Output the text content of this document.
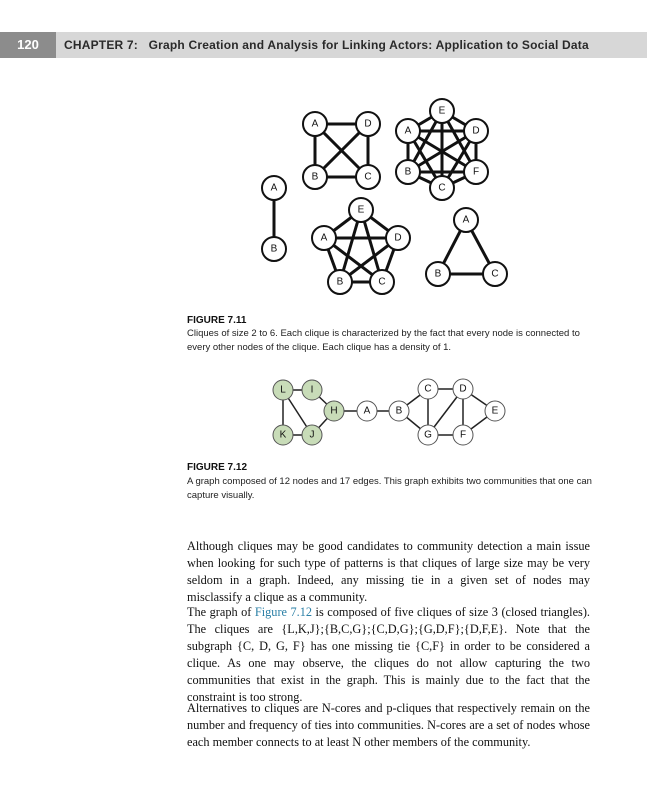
120	CHAPTER 7: Graph Creation and Analysis for Linking Actors: Application to Social Data
A
B
A	D
B	C
E
A	D
B	F
C
E
A	D
B	C
A
B	C
FIGURE 7.11
Cliques of size 2 to 6. Each clique is characterized by the fact that every node is connected to every other nodes of the clique. Each clique has a density of 1.
L I
K J
H	A	B
C	D
G	F
E
FIGURE 7.12
A graph composed of 12 nodes and 17 edges. This graph exhibits two communities that one can capture visually.

Although cliques may be good candidates to community detection a main issue when looking for such type of patterns is that cliques of large size may be very seldom in a graph. Indeed, any missing tie in a given set of nodes may misclassify a clique as a community.

The graph of Figure 7.12 is composed of five cliques of size 3 (closed triangles). The cliques are {L,K,J};{B,C,G};{C,D,G};{G,D,F};{D,F,E}. Note that the subgraph {C, D, G, F} has one missing tie {C,F} in order to be considered a clique. As one may observe, the cliques do not allow capturing the two communities that exist in the graph. This is mainly due to the fact that the constraint is too strong.

Alternatives to cliques are N-cores and p-cliques that respectively remain on the number and frequency of ties into communities. N-cores are a set of nodes whose each member connects to at least N other members of the community.
